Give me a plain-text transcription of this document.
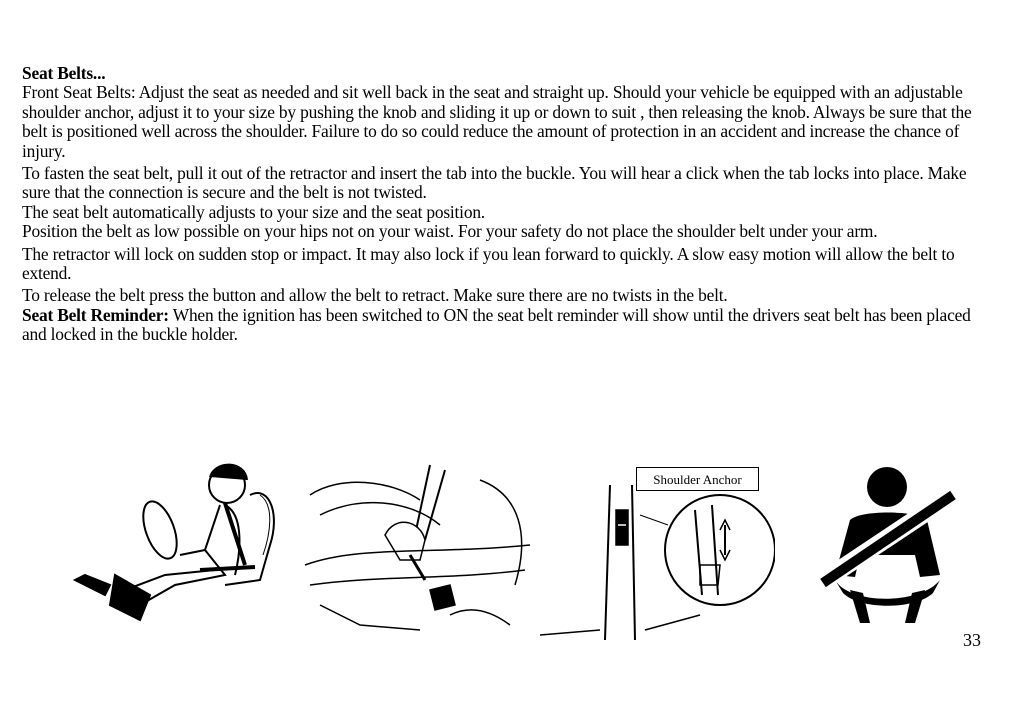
Seat Belts...

Front Seat Belts: Adjust the seat as needed and sit well back in the seat and straight up. Should your vehicle be equipped with an adjustable shoulder anchor, adjust it to your size by pushing the knob and sliding it up or down to suit , then releasing the knob. Always be sure that the belt is positioned well across the shoulder. Failure to do so could reduce the amount of protection in an accident and increase the chance of injury.

To fasten the seat belt, pull it out of the retractor and insert the tab into the buckle. You will hear a click when the tab locks into place. Make sure that the connection is secure and the belt is not twisted.

The seat belt automatically adjusts to your size and the seat position.

Position the belt as low possible on your hips not on your waist. For your safety do not place the shoulder belt under your arm.

The retractor will lock on sudden stop or impact. It may also lock if you lean forward to quickly. A slow easy motion will allow the belt to extend.

To release the belt press the button and allow the belt to retract. Make sure there are no twists in the belt.

Seat Belt Reminder: When the ignition has been switched to ON the seat belt reminder will show until the drivers seat belt has been placed and locked in the buckle holder.

Shoulder Anchor
33
